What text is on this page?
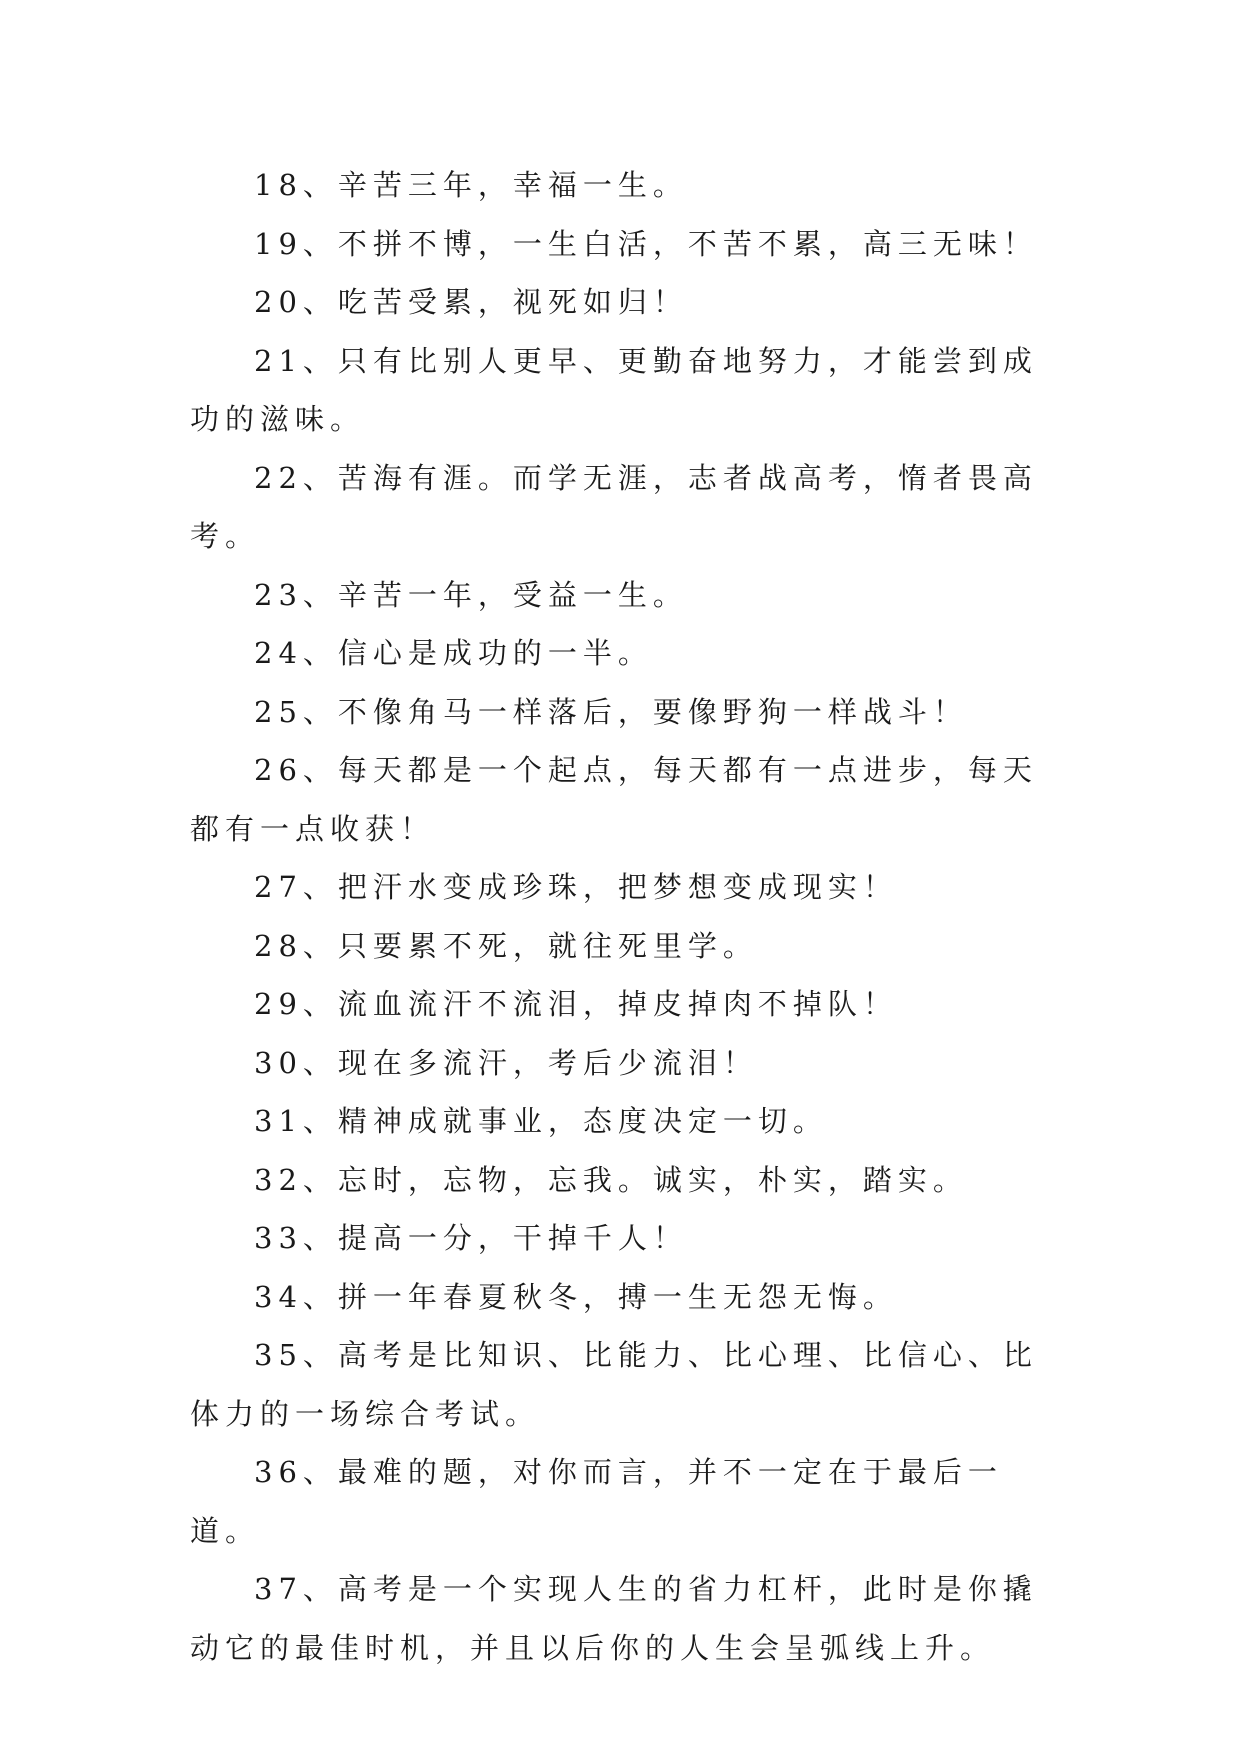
18、辛苦三年，幸福一生。

19、不拼不博，一生白活，不苦不累，高三无味！

20、吃苦受累，视死如归！

21、只有比别人更早、更勤奋地努力，才能尝到成功的滋味。

22、苦海有涯。而学无涯，志者战高考，惰者畏高考。

23、辛苦一年，受益一生。

24、信心是成功的一半。

25、不像角马一样落后，要像野狗一样战斗！

26、每天都是一个起点，每天都有一点进步，每天都有一点收获！

27、把汗水变成珍珠，把梦想变成现实！

28、只要累不死，就往死里学。

29、流血流汗不流泪，掉皮掉肉不掉队！

30、现在多流汗，考后少流泪！

31、精神成就事业，态度决定一切。

32、忘时，忘物，忘我。诚实，朴实，踏实。

33、提高一分，干掉千人！

34、拼一年春夏秋冬，搏一生无怨无悔。

35、高考是比知识、比能力、比心理、比信心、比体力的一场综合考试。

36、最难的题，对你而言，并不一定在于最后一道。

37、高考是一个实现人生的省力杠杆，此时是你撬动它的最佳时机，并且以后你的人生会呈弧线上升。
